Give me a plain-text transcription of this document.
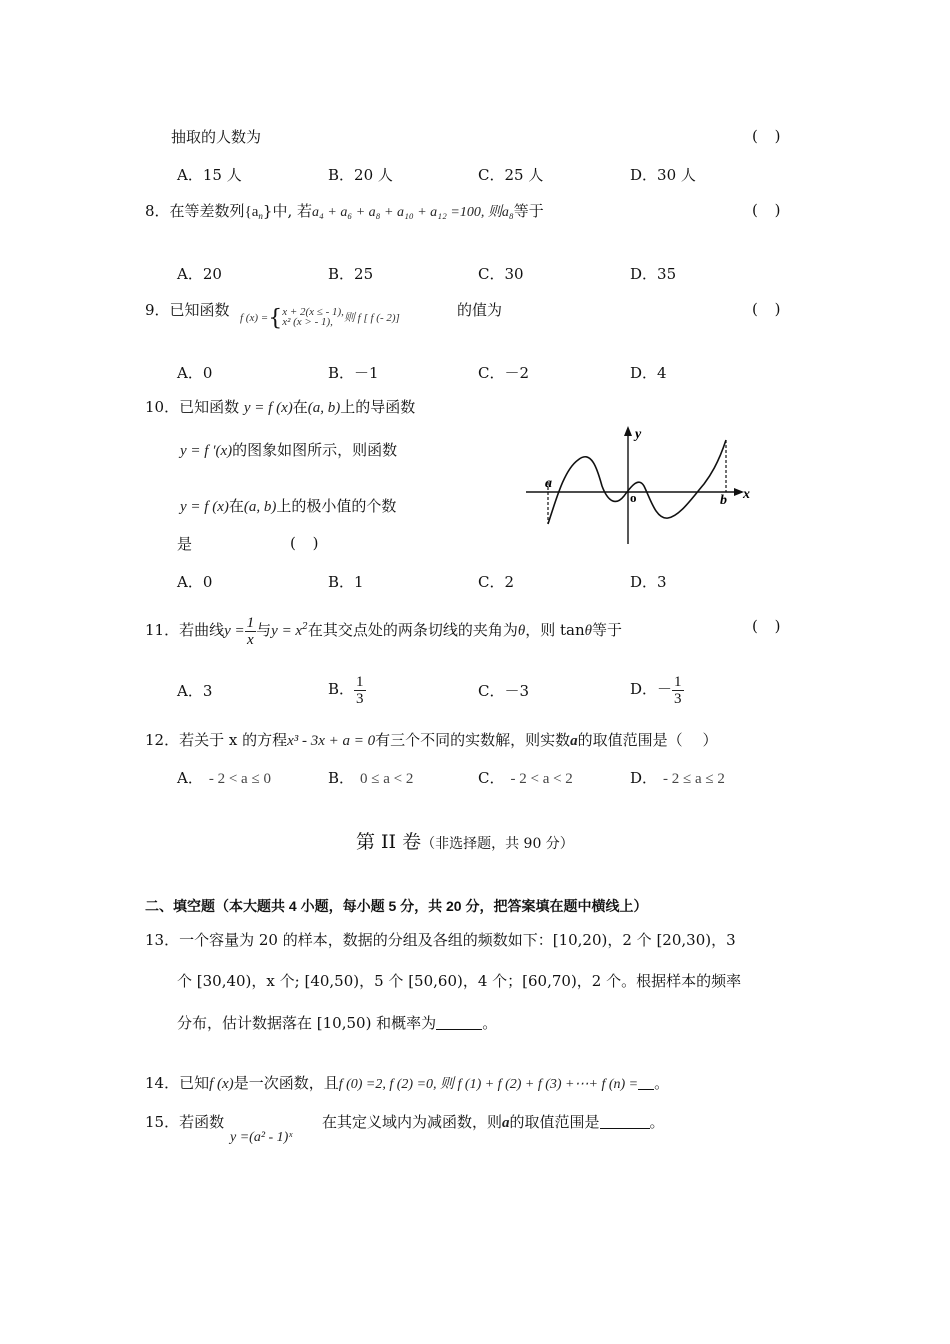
抽取的人数为	( )
A．15 人	B．20 人	C．25 人	D．30 人
8．在等差数列$\{a_n\}$中, 若a₄ + a₆ + a₈ + a₁₀ + a₁₂ =100, 则a₈等于	( )
A．20	B．25	C．30	D．35
9．已知函数 f (x) ={ x + 2(x ≤ - 1),
x² (x > - 1), 则 f [ f (- 2)]	的值为	( )
A．0	B．－1	C．－2	D．4
10．已知函数 y = f (x)在(a, b)上的导函数
y = f ′(x)的图象如图所示，则函数
y = f (x)在(a, b)上的极小值的个数
是	( )
y
x
a
o	b
A．0	B．1	C．2	D．3
11．若曲线$y = \frac{1}{x}$ 与$y = x^2$在其交点处的两条切线的夹角为θ，则 tanθ等于	( )
A．3	B． $\frac{1}{3}$	C．－3	D．－ $\frac{1}{3}$
12．若关于 x 的方程x³ - 3x + a = 0有三个不同的实数解，则实数a的取值范围是（　 ）
A． - 2 < a ≤ 0	B． 0 ≤ a < 2	C． - 2 < a < 2	D． - 2 ≤ a ≤ 2
第 II 卷（非选择题，共 90 分）
二、填空题（本大题共 4 小题，每小题 5 分，共 20 分，把答案填在题中横线上）
13．一个容量为 20 的样本，数据的分组及各组的频数如下：[10,20)，2 个 [20,30)，3
个 [30,40)，x 个; [40,50)，5 个 [50,60)，4 个；[60,70)，2 个。根据样本的频率
分布，估计数据落在 [10,50) 和概率为	。
14．已知f (x)是一次函数，且f (0) =2, f (2) =0, 则 f (1) + f (2) + f (3) +⋯+ f (n) = 。
15．若函数
y =(a² - 1)ˣ
在其定义域内为减函数，则a的取值范围是	。
